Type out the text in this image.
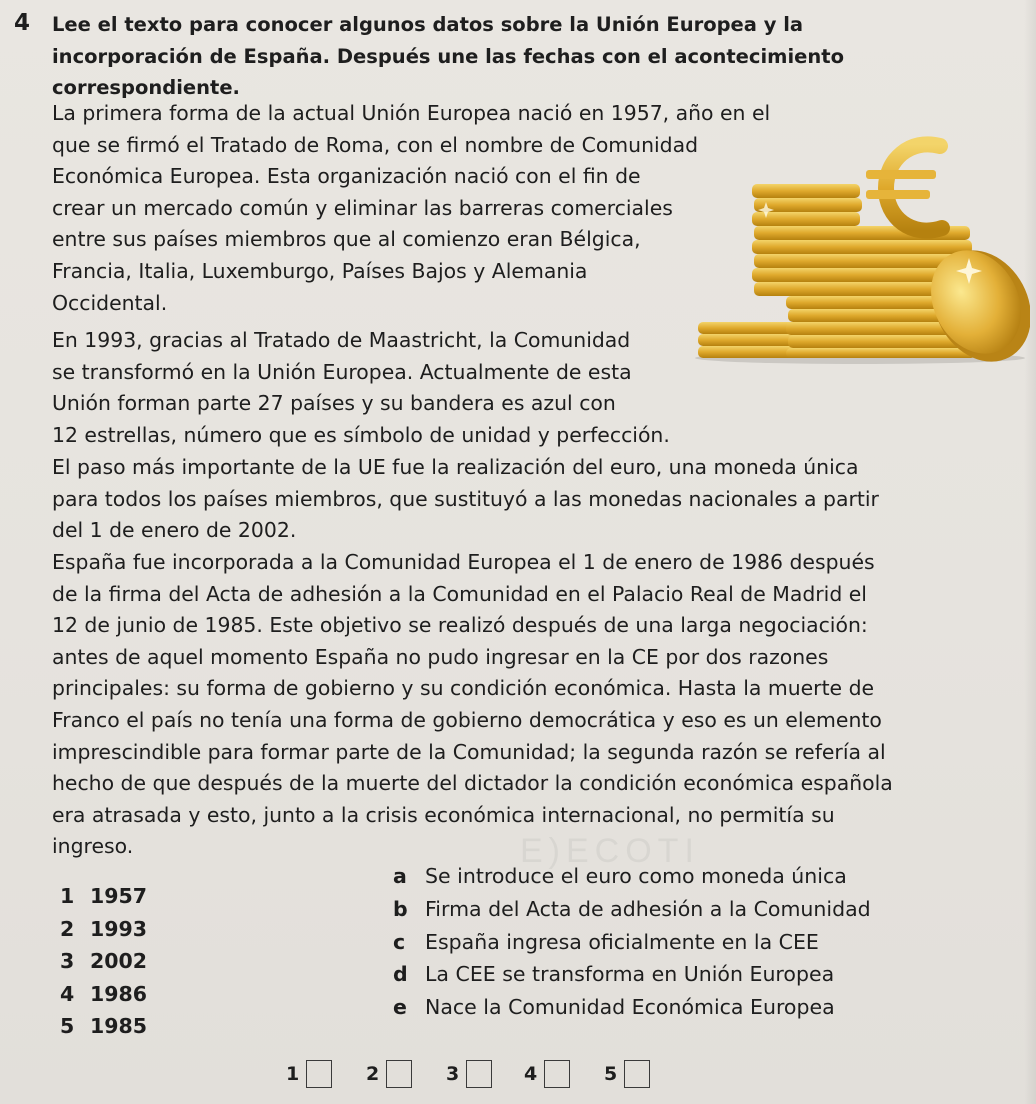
4 Lee el texto para conocer algunos datos sobre la Unión Europea y la
incorporación de España. Después une las fechas con el acontecimiento
correspondiente.
La primera forma de la actual Unión Europea nació en 1957, año en el
que se firmó el Tratado de Roma, con el nombre de Comunidad
Económica Europea. Esta organización nació con el fin de
crear un mercado común y eliminar las barreras comerciales
entre sus países miembros que al comienzo eran Bélgica,
Francia, Italia, Luxemburgo, Países Bajos y Alemania
Occidental.
En 1993, gracias al Tratado de Maastricht, la Comunidad
se transformó en la Unión Europea. Actualmente de esta
Unión forman parte 27 países y su bandera es azul con
12 estrellas, número que es símbolo de unidad y perfección.
El paso más importante de la UE fue la realización del euro, una moneda única
para todos los países miembros, que sustituyó a las monedas nacionales a partir
del 1 de enero de 2002.
España fue incorporada a la Comunidad Europea el 1 de enero de 1986 después
de la firma del Acta de adhesión a la Comunidad en el Palacio Real de Madrid el
12 de junio de 1985. Este objetivo se realizó después de una larga negociación:
antes de aquel momento España no pudo ingresar en la CE por dos razones
principales: su forma de gobierno y su condición económica. Hasta la muerte de
Franco el país no tenía una forma de gobierno democrática y eso es un elemento
imprescindible para formar parte de la Comunidad; la segunda razón se refería al
hecho de que después de la muerte del dictador la condición económica española
era atrasada y esto, junto a la crisis económica internacional, no permitía su
ingreso.	E)ECOTI
1 1957
2 1993
3 2002
4 1986
5 1985
a Se introduce el euro como moneda única
b Firma del Acta de adhesión a la Comunidad
c España ingresa oficialmente en la CEE
d La CEE se transforma en Unión Europea
e Nace la Comunidad Económica Europea
1	2	3	4	5
